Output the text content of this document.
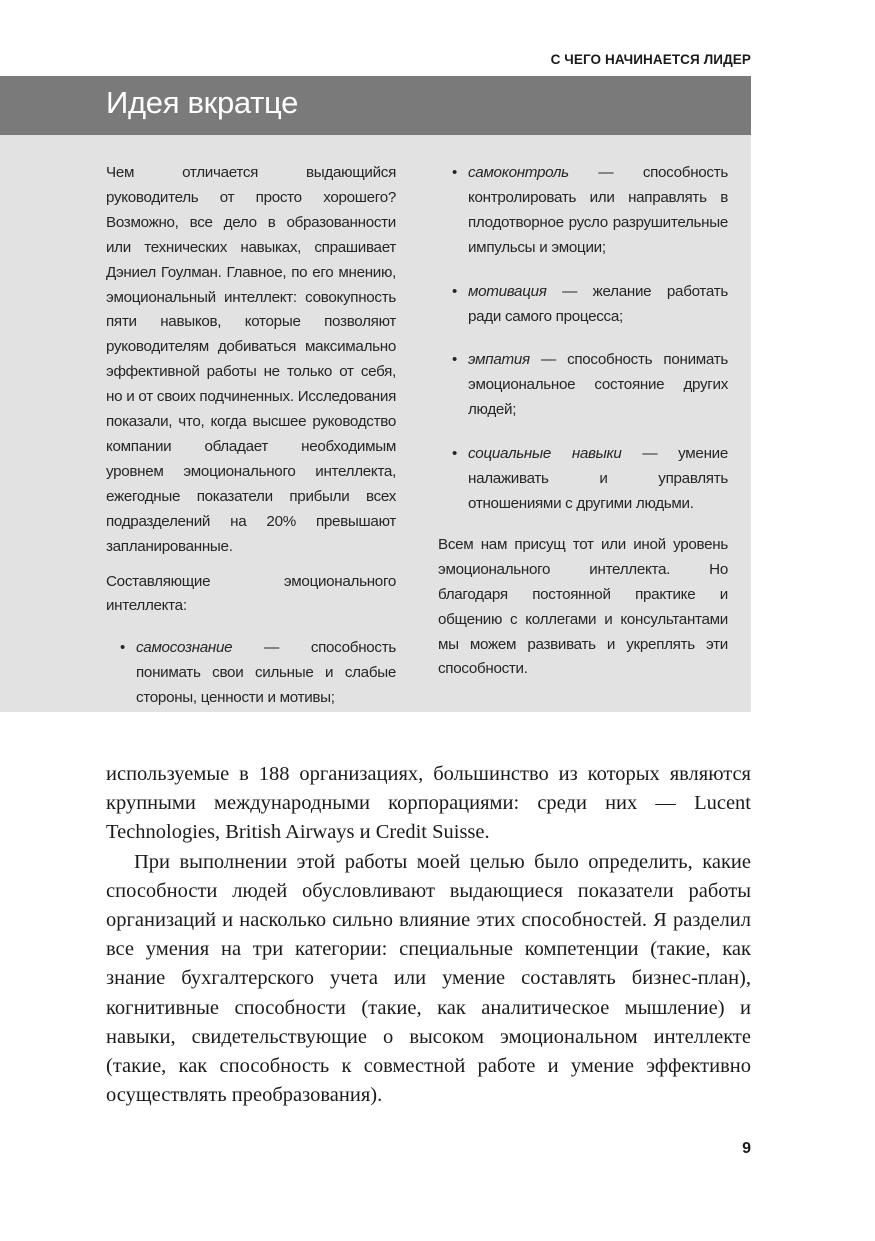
С ЧЕГО НАЧИНАЕТСЯ ЛИДЕР
Идея вкратце

Чем отличается выдающийся руководитель от просто хорошего? Возможно, все дело в образованности или технических навыках, спрашивает Дэниел Гоулман. Главное, по его мнению, эмоциональный интеллект: совокупность пяти навыков, которые позволяют руководителям добиваться максимально эффективной работы не только от себя, но и от своих подчиненных. Исследования показали, что, когда высшее руководство компании обладает необходимым уровнем эмоционального интеллекта, ежегодные показатели прибыли всех подразделений на 20% превышают запланированные.

Составляющие эмоционального интеллекта:

• самосознание — способность понимать свои сильные и слабые стороны, ценности и мотивы;
• самоконтроль — способность контролировать или направлять в плодотворное русло разрушительные импульсы и эмоции;
• мотивация — желание работать ради самого процесса;
• эмпатия — способность понимать эмоциональное состояние других людей;
• социальные навыки — умение налаживать и управлять отношениями с другими людьми.

Всем нам присущ тот или иной уровень эмоционального интеллекта. Но благодаря постоянной практике и общению с коллегами и консультантами мы можем развивать и укреплять эти способности.

используемые в 188 организациях, большинство из которых являются крупными международными корпорациями: среди них — Lucent Technologies, British Airways и Credit Suisse.

При выполнении этой работы моей целью было определить, какие способности людей обусловливают выдающиеся показатели работы организаций и насколько сильно влияние этих способностей. Я разделил все умения на три категории: специальные компетенции (такие, как знание бухгалтерского учета или умение составлять бизнес-план), когнитивные способности (такие, как аналитическое мышление) и навыки, свидетельствующие о высоком эмоциональном интеллекте (такие, как способность к совместной работе и умение эффективно осуществлять преобразования).

9
